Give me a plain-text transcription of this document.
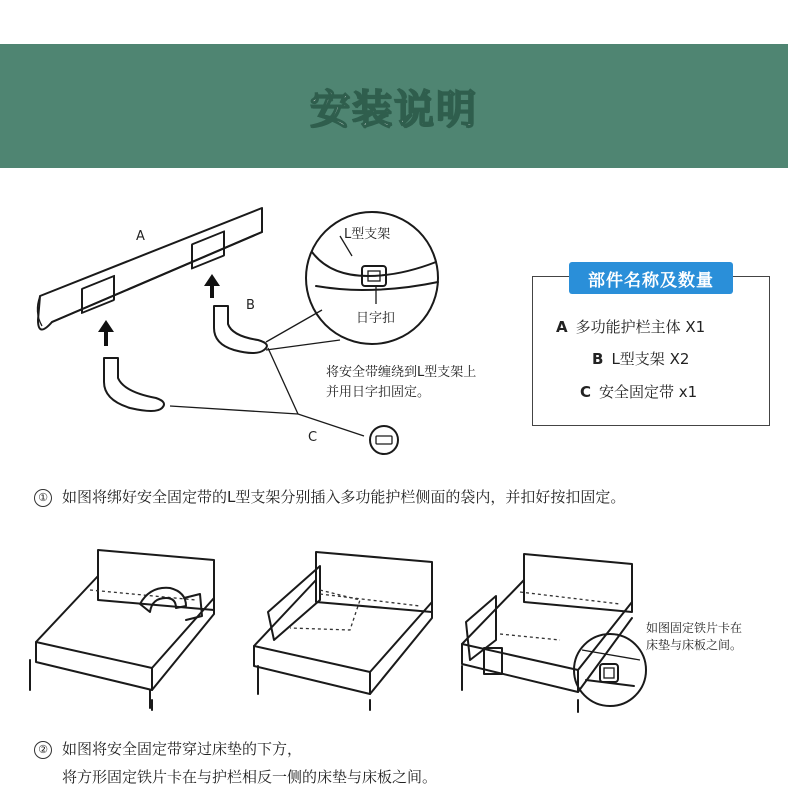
安装说明
A
B
C
L型支架
日字扣
将安全带缠绕到L型支架上
并用日字扣固定。
部件名称及数量
A 多功能护栏主体 X1
B L型支架 X2
C 安全固定带 x1
① 如图将绑好安全固定带的L型支架分别插入多功能护栏侧面的袋内，并扣好按扣固定。
如图固定铁片卡在
床垫与床板之间。
② 如图将安全固定带穿过床垫的下方，
将方形固定铁片卡在与护栏相反一侧的床垫与床板之间。
